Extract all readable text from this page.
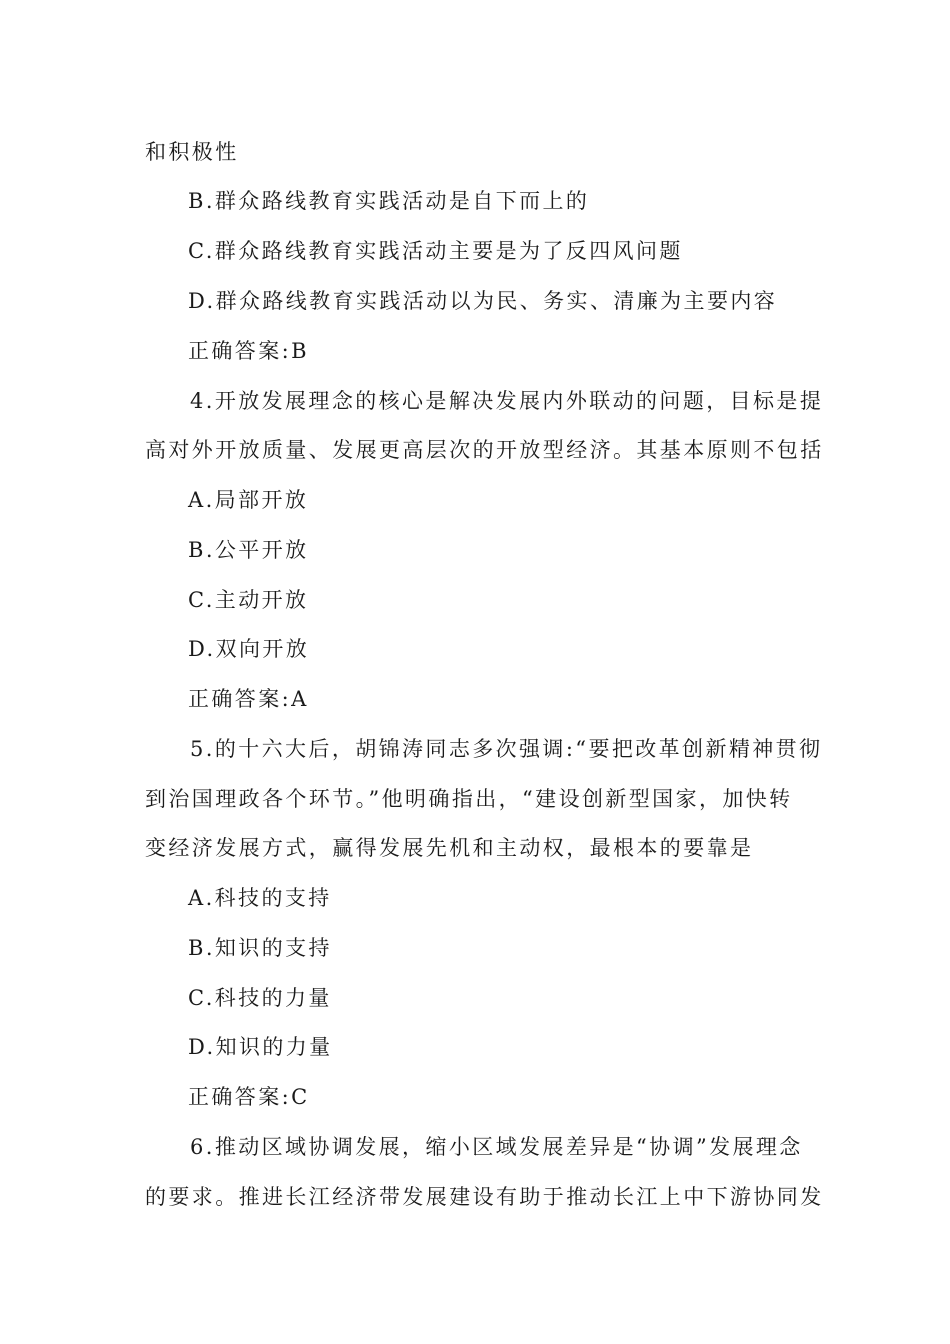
和积极性
B.群众路线教育实践活动是自下而上的
C.群众路线教育实践活动主要是为了反四风问题
D.群众路线教育实践活动以为民、务实、清廉为主要内容
正确答案:B
4.开放发展理念的核心是解决发展内外联动的问题，目标是提
高对外开放质量、发展更高层次的开放型经济。其基本原则不包括
A.局部开放
B.公平开放
C.主动开放
D.双向开放
正确答案:A
5.的十六大后，胡锦涛同志多次强调:“要把改革创新精神贯彻
到治国理政各个环节。”他明确指出，“建设创新型国家，加快转
变经济发展方式，赢得发展先机和主动权，最根本的要靠是
A.科技的支持
B.知识的支持
C.科技的力量
D.知识的力量
正确答案:C
6.推动区域协调发展，缩小区域发展差异是“协调”发展理念
的要求。推进长江经济带发展建设有助于推动长江上中下游协同发
